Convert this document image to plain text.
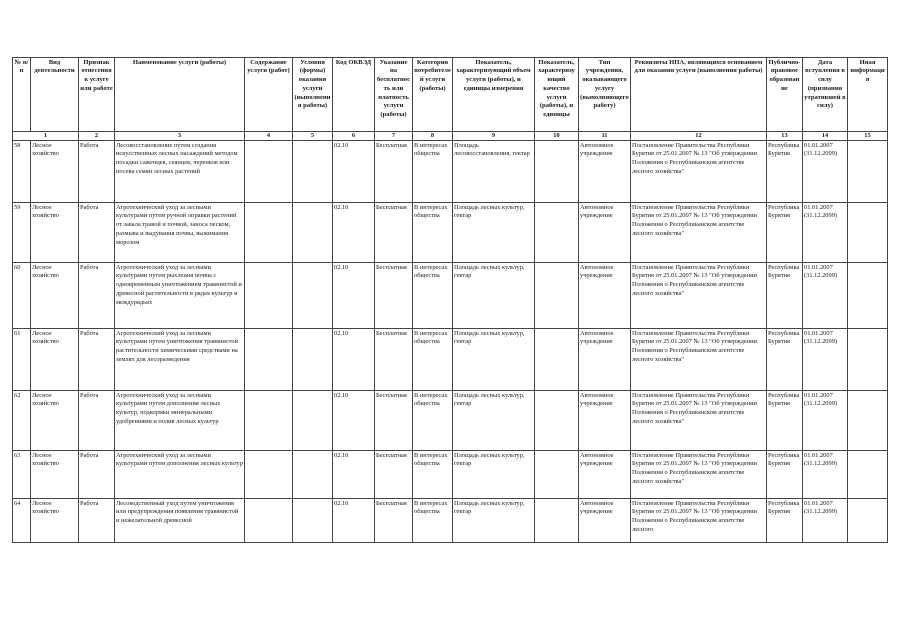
№ п/п	Вид деятельности	Признак отнесения к услуге или работе	Наименование услуги (работы)	Содержание услуги (работ)	Условия (формы) оказания услуги (выполнения работы)	Код ОКВЭД	Указание на бесплатность или платность услуги (работы)	Категория потребителей услуги (работы)	Показатель, характеризующий объем услуги (работы), и единицы измерения	Показатель, характеризующий качество услуги (работы), и единицы	Тип учреждения, оказывающего услугу (выполняющего работу)	Реквизиты НПА, являющихся основанием для оказания услуги (выполнения работы)	Публично-правовое образование	Дата вступления в силу (признания утратившей в силу)	Иная информация
1		2	3	4	5	6	7	8	9	10	11	12	13	14	15

58	Лесное хозяйство	Работа	Лесовосстановление путем создания искусственных лесных насаждений методом посадки саженцев, сеянцев, черенков или посева семян лесных растений			02.10	Бесплатная	В интересах общества	Площадь лесовосстановления, гектар		Автономное учреждение	Постановление Правительства Республики Бурятия от 25.01.2007 № 13 "Об утверждении Положения о Республиканском агентстве лесного хозяйства"	Республика Бурятия	01.01.2007 (31.12.2099)	

59	Лесное хозяйство	Работа	Агротехнический уход за лесными культурами путем ручной оправки растений от завала травой и почвой, заноса песком, размыва и выдувания почвы, выжимания морозом			02.10	Бесплатная	В интересах общества	Площадь лесных культур, гектар		Автономное учреждение	Постановление Правительства Республики Бурятия от 25.01.2007 № 13 "Об утверждении Положения о Республиканском агентстве лесного хозяйства"	Республика Бурятия	01.01.2007 (31.12.2099)	

60	Лесное хозяйство	Работа	Агротехнический уход за лесными культурами путем рыхления почвы с одновременным уничтожением травянистой и древесной растительности в рядах культур и междурядьях			02.10	Бесплатная	В интересах общества	Площадь лесных культур, гектар		Автономное учреждение	Постановление Правительства Республики Бурятия от 25.01.2007 № 13 "Об утверждении Положения о Республиканском агентстве лесного хозяйства"	Республика Бурятия	01.01.2007 (31.12.2099)	

61	Лесное хозяйство	Работа	Агротехнический уход за лесными культурами путем уничтожения травянистой растительности химическими средствами на землях для лесоразведения			02.10	Бесплатная	В интересах общества	Площадь лесных культур, гектар		Автономное учреждение	Постановление Правительства Республики Бурятия от 25.01.2007 № 13 "Об утверждении Положения о Республиканском агентстве лесного хозяйства"	Республика Бурятия	01.01.2007 (31.12.2099)	

62	Лесное хозяйство	Работа	Агротехнический уход за лесными культурами путем дополнения лесных культур, подкормки минеральными удобрениями и полив лесных культур			02.10	Бесплатная	В интересах общества	Площадь лесных культур, гектар		Автономное учреждение	Постановление Правительства Республики Бурятия от 25.01.2007 № 13 "Об утверждении Положения о Республиканском агентстве лесного хозяйства"	Республика Бурятия	01.01.2007 (31.12.2099)	

63	Лесное хозяйство	Работа	Агротехнический уход за лесными культурами путем дополнения лесных культур			02.10	Бесплатная	В интересах общества	Площадь лесных культур, гектар		Автономное учреждение	Постановление Правительства Республики Бурятия от 25.01.2007 № 13 "Об утверждении Положения о Республиканском агентстве лесного хозяйства"	Республика Бурятия	01.01.2007 (31.12.2099)	

64	Лесное хозяйство	Работа	Лесоводственный уход путем уничтожения или предупреждения появления травянистой и нежелательной древесной			02.10	Бесплатная	В интересах общества	Площадь лесных культур, гектар		Автономное учреждение	Постановление Правительства Республики Бурятия от 25.01.2007 № 13 "Об утверждении Положения о Республиканском агентстве лесного	Республика Бурятия	01.01.2007 (31.12.2099)	
